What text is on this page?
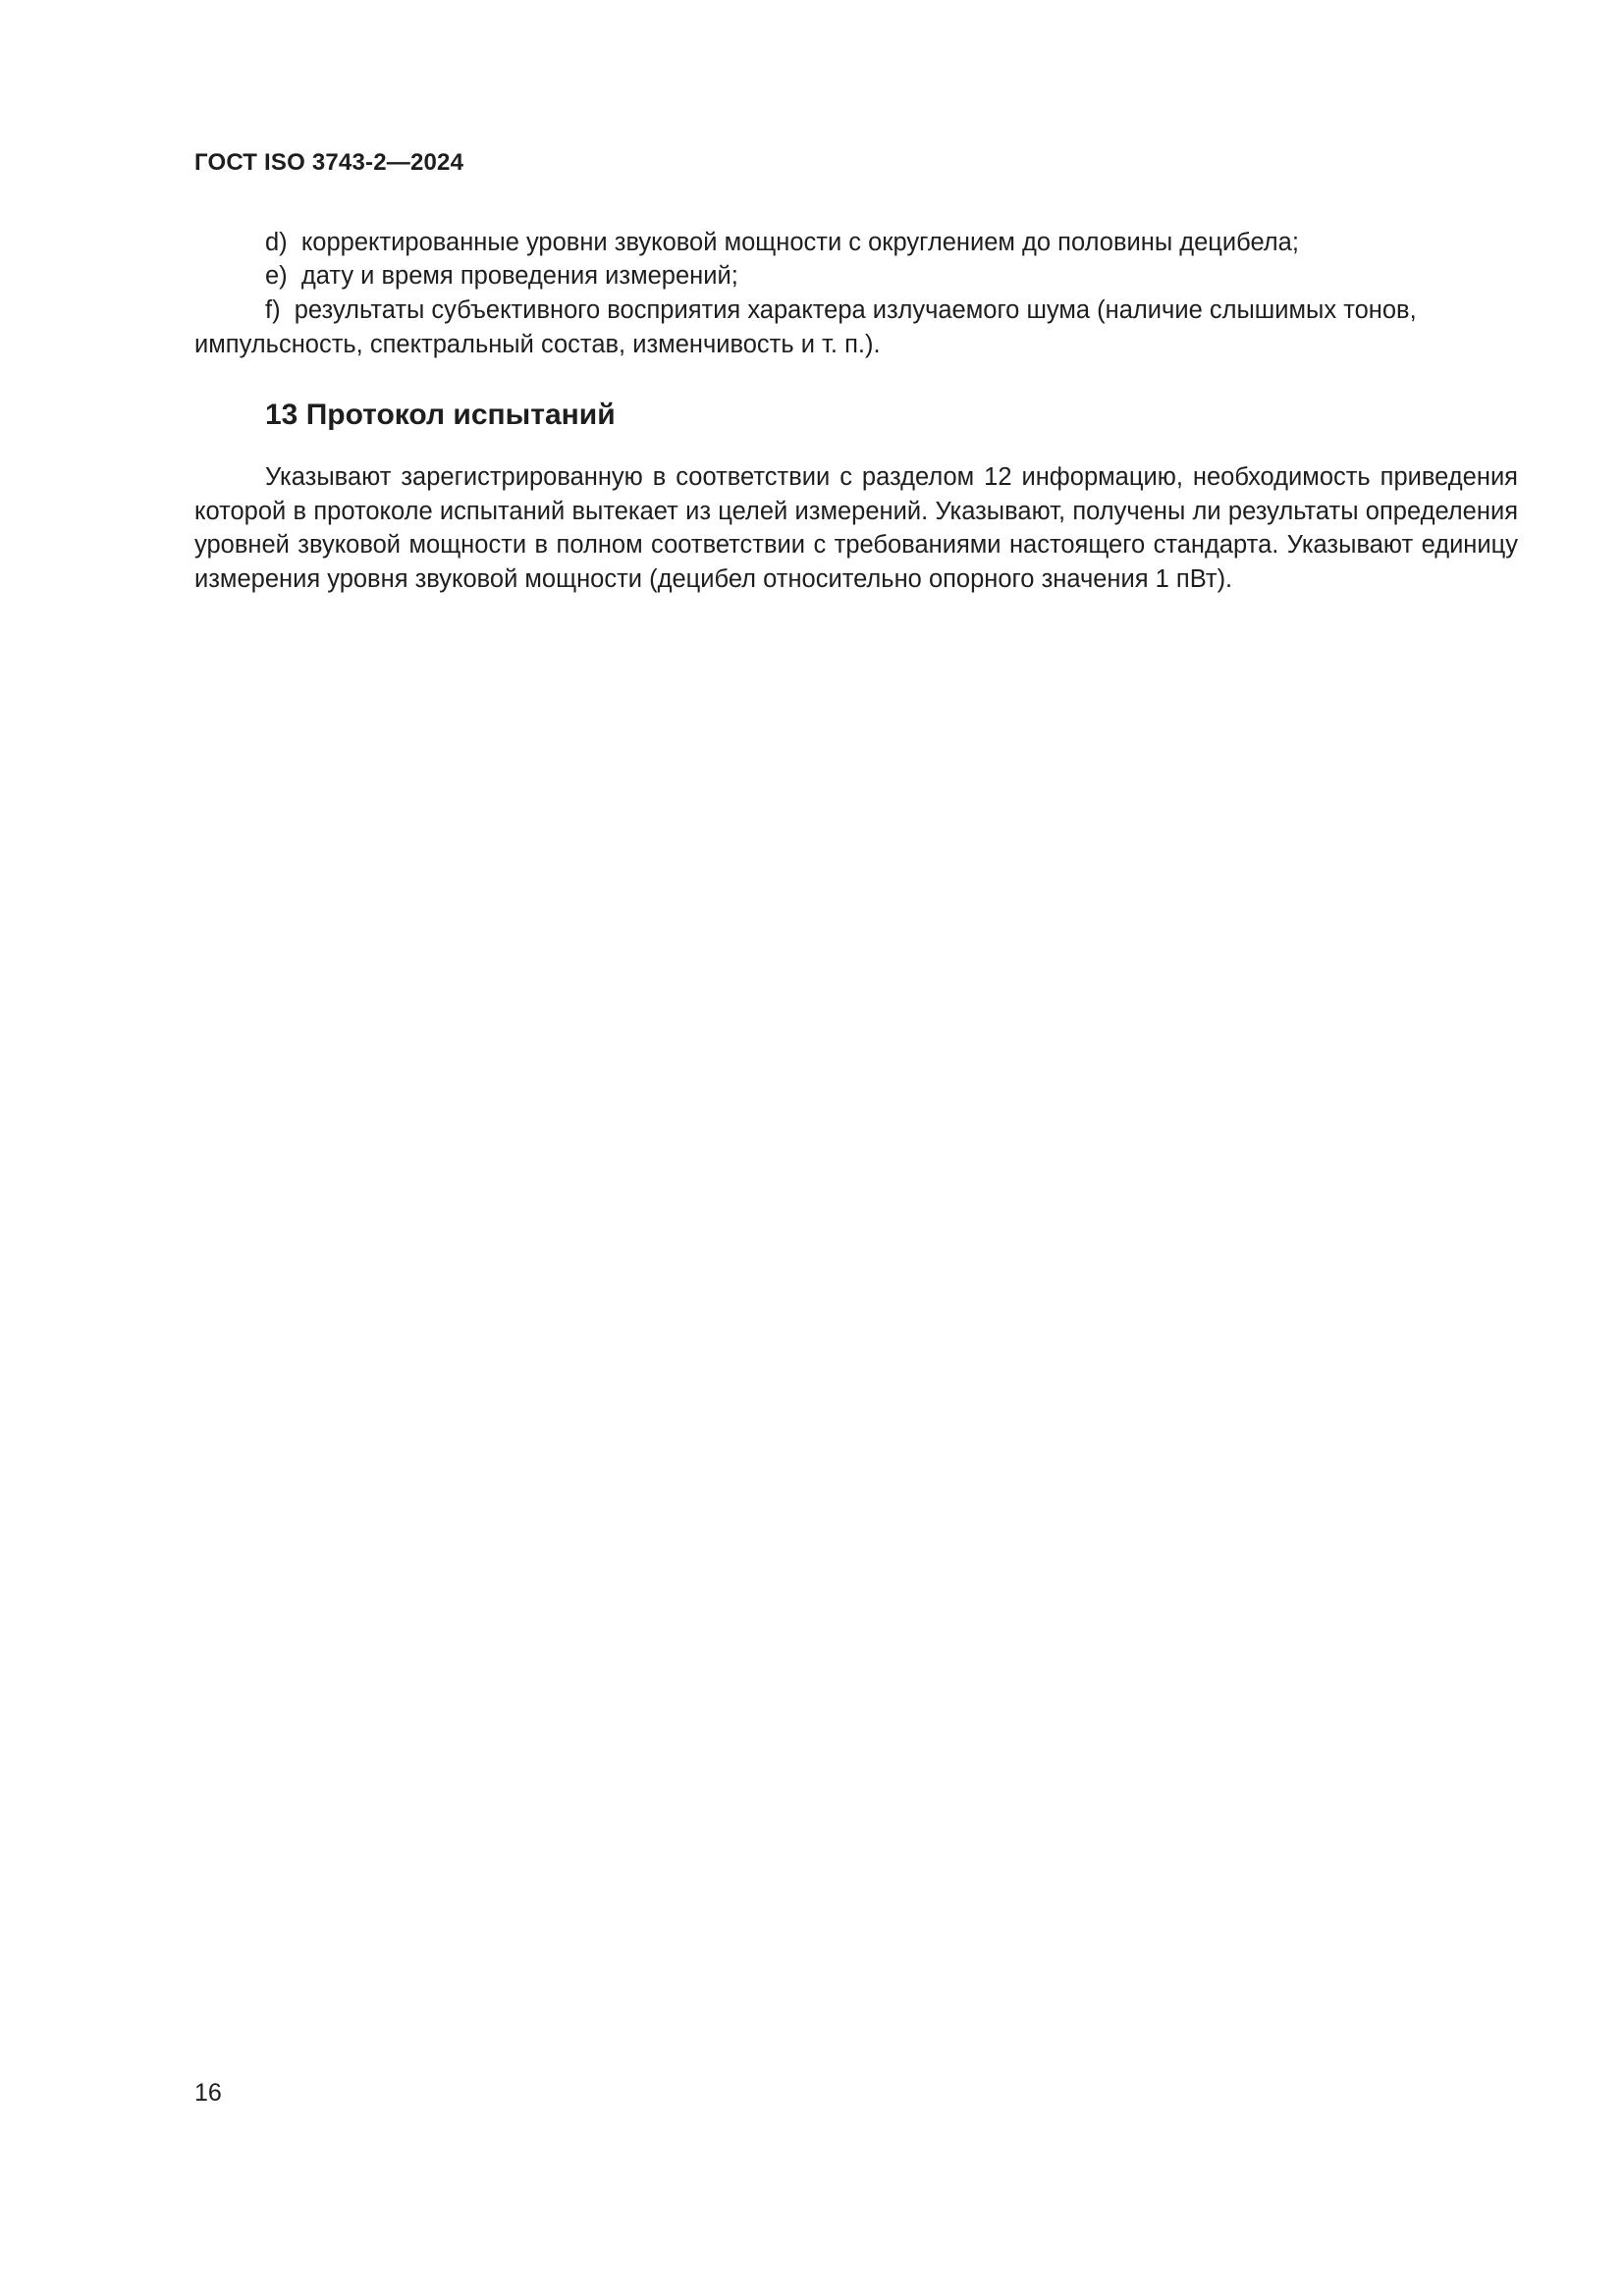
ГОСТ ISO 3743-2—2024
d) корректированные уровни звуковой мощности с округлением до половины децибела;
e) дату и время проведения измерений;
f) результаты субъективного восприятия характера излучаемого шума (наличие слышимых тонов,
импульсность, спектральный состав, изменчивость и т. п.).
13 Протокол испытаний
Указывают зарегистрированную в соответствии с разделом 12 информацию, необходимость приведения которой в протоколе испытаний вытекает из целей измерений. Указывают, получены ли результаты определения уровней звуковой мощности в полном соответствии с требованиями настоящего стандарта. Указывают единицу измерения уровня звуковой мощности (децибел относительно опорного значения 1 пВт).
16
